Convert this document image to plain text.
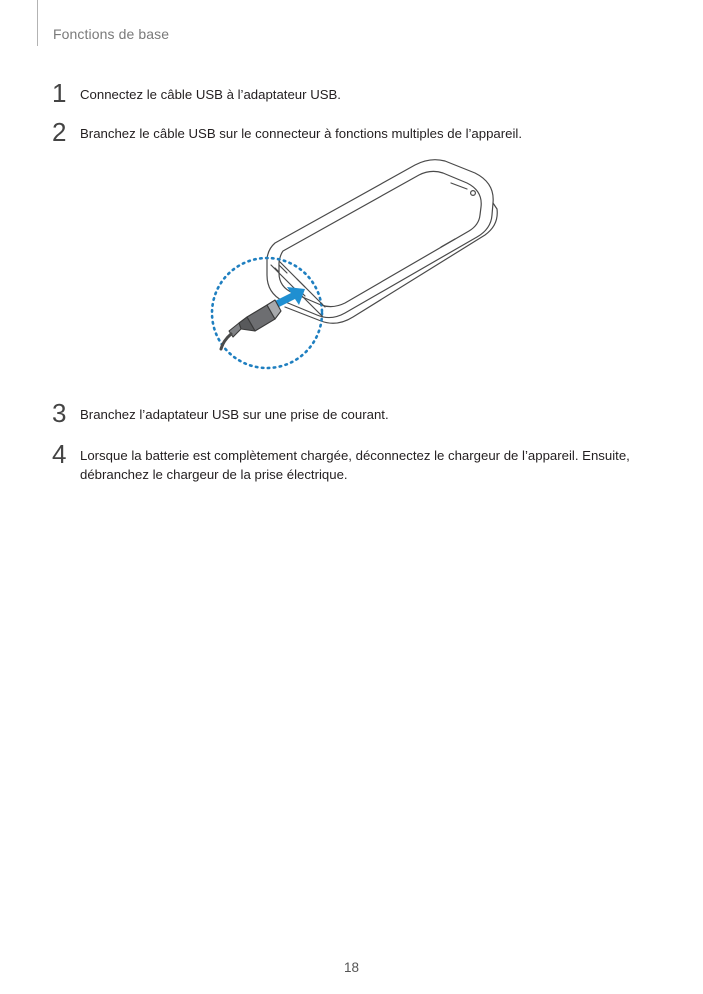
Fonctions de base
1 Connectez le câble USB à l’adaptateur USB.
2 Branchez le câble USB sur le connecteur à fonctions multiples de l’appareil.
3 Branchez l’adaptateur USB sur une prise de courant.
4 Lorsque la batterie est complètement chargée, déconnectez le chargeur de l’appareil. Ensuite, débranchez le chargeur de la prise électrique.
18
